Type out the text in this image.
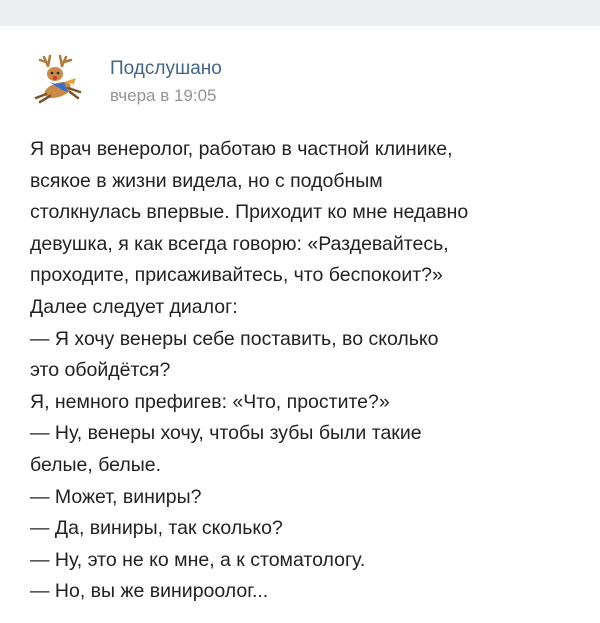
Подслушано
вчера в 19:05
Я врач венеролог, работаю в частной клинике,
всякое в жизни видела, но с подобным
столкнулась впервые. Приходит ко мне недавно
девушка, я как всегда говорю: «Раздевайтесь,
проходите, присаживайтесь, что беспокоит?»
Далее следует диалог:
— Я хочу венеры себе поставить, во сколько
это обойдётся?
Я, немного префигев: «Что, простите?»
— Ну, венеры хочу, чтобы зубы были такие
белые, белые.
— Может, виниры?
— Да, виниры, так сколько?
— Ну, это не ко мне, а к стоматологу.
— Но, вы же винироолог...
